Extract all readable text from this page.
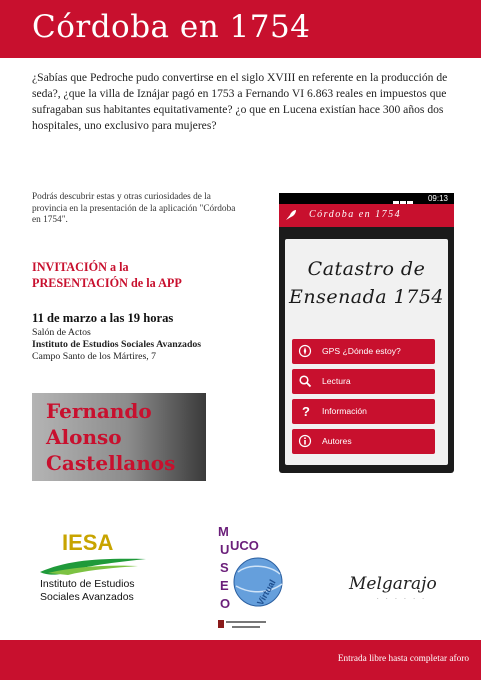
Córdoba en 1754
¿Sabías que Pedroche pudo convertirse en el siglo XVIII en referente en la producción de seda?, ¿que la villa de Iznájar pagó en 1753 a Fernando VI 6.863 reales en impuestos que sufragaban sus habitantes equitativamente? ¿o que en Lucena existían hace 300 años dos hospitales, uno exclusivo para mujeres?
Podrás descubrir estas y otras curiosidades de la provincia en la presentación de la aplicación "Córdoba en 1754".
INVITACIÓN a la
PRESENTACIÓN de la APP
11 de marzo a las 19 horas
Salón de Actos
Instituto de Estudios Sociales Avanzados
Campo Santo de los Mártires, 7
Fernando
Alonso
Castellanos
09:13
Córdoba en 1754
Catastro de
Ensenada 1754
GPS ¿Dónde estoy?
Lectura
? Información
Autores
IESA
Instituto de Estudios
Sociales Avanzados
M
U
S
E
O
UCO
Virtual	Melgarajo
· · · · · ·
Entrada libre hasta completar aforo
